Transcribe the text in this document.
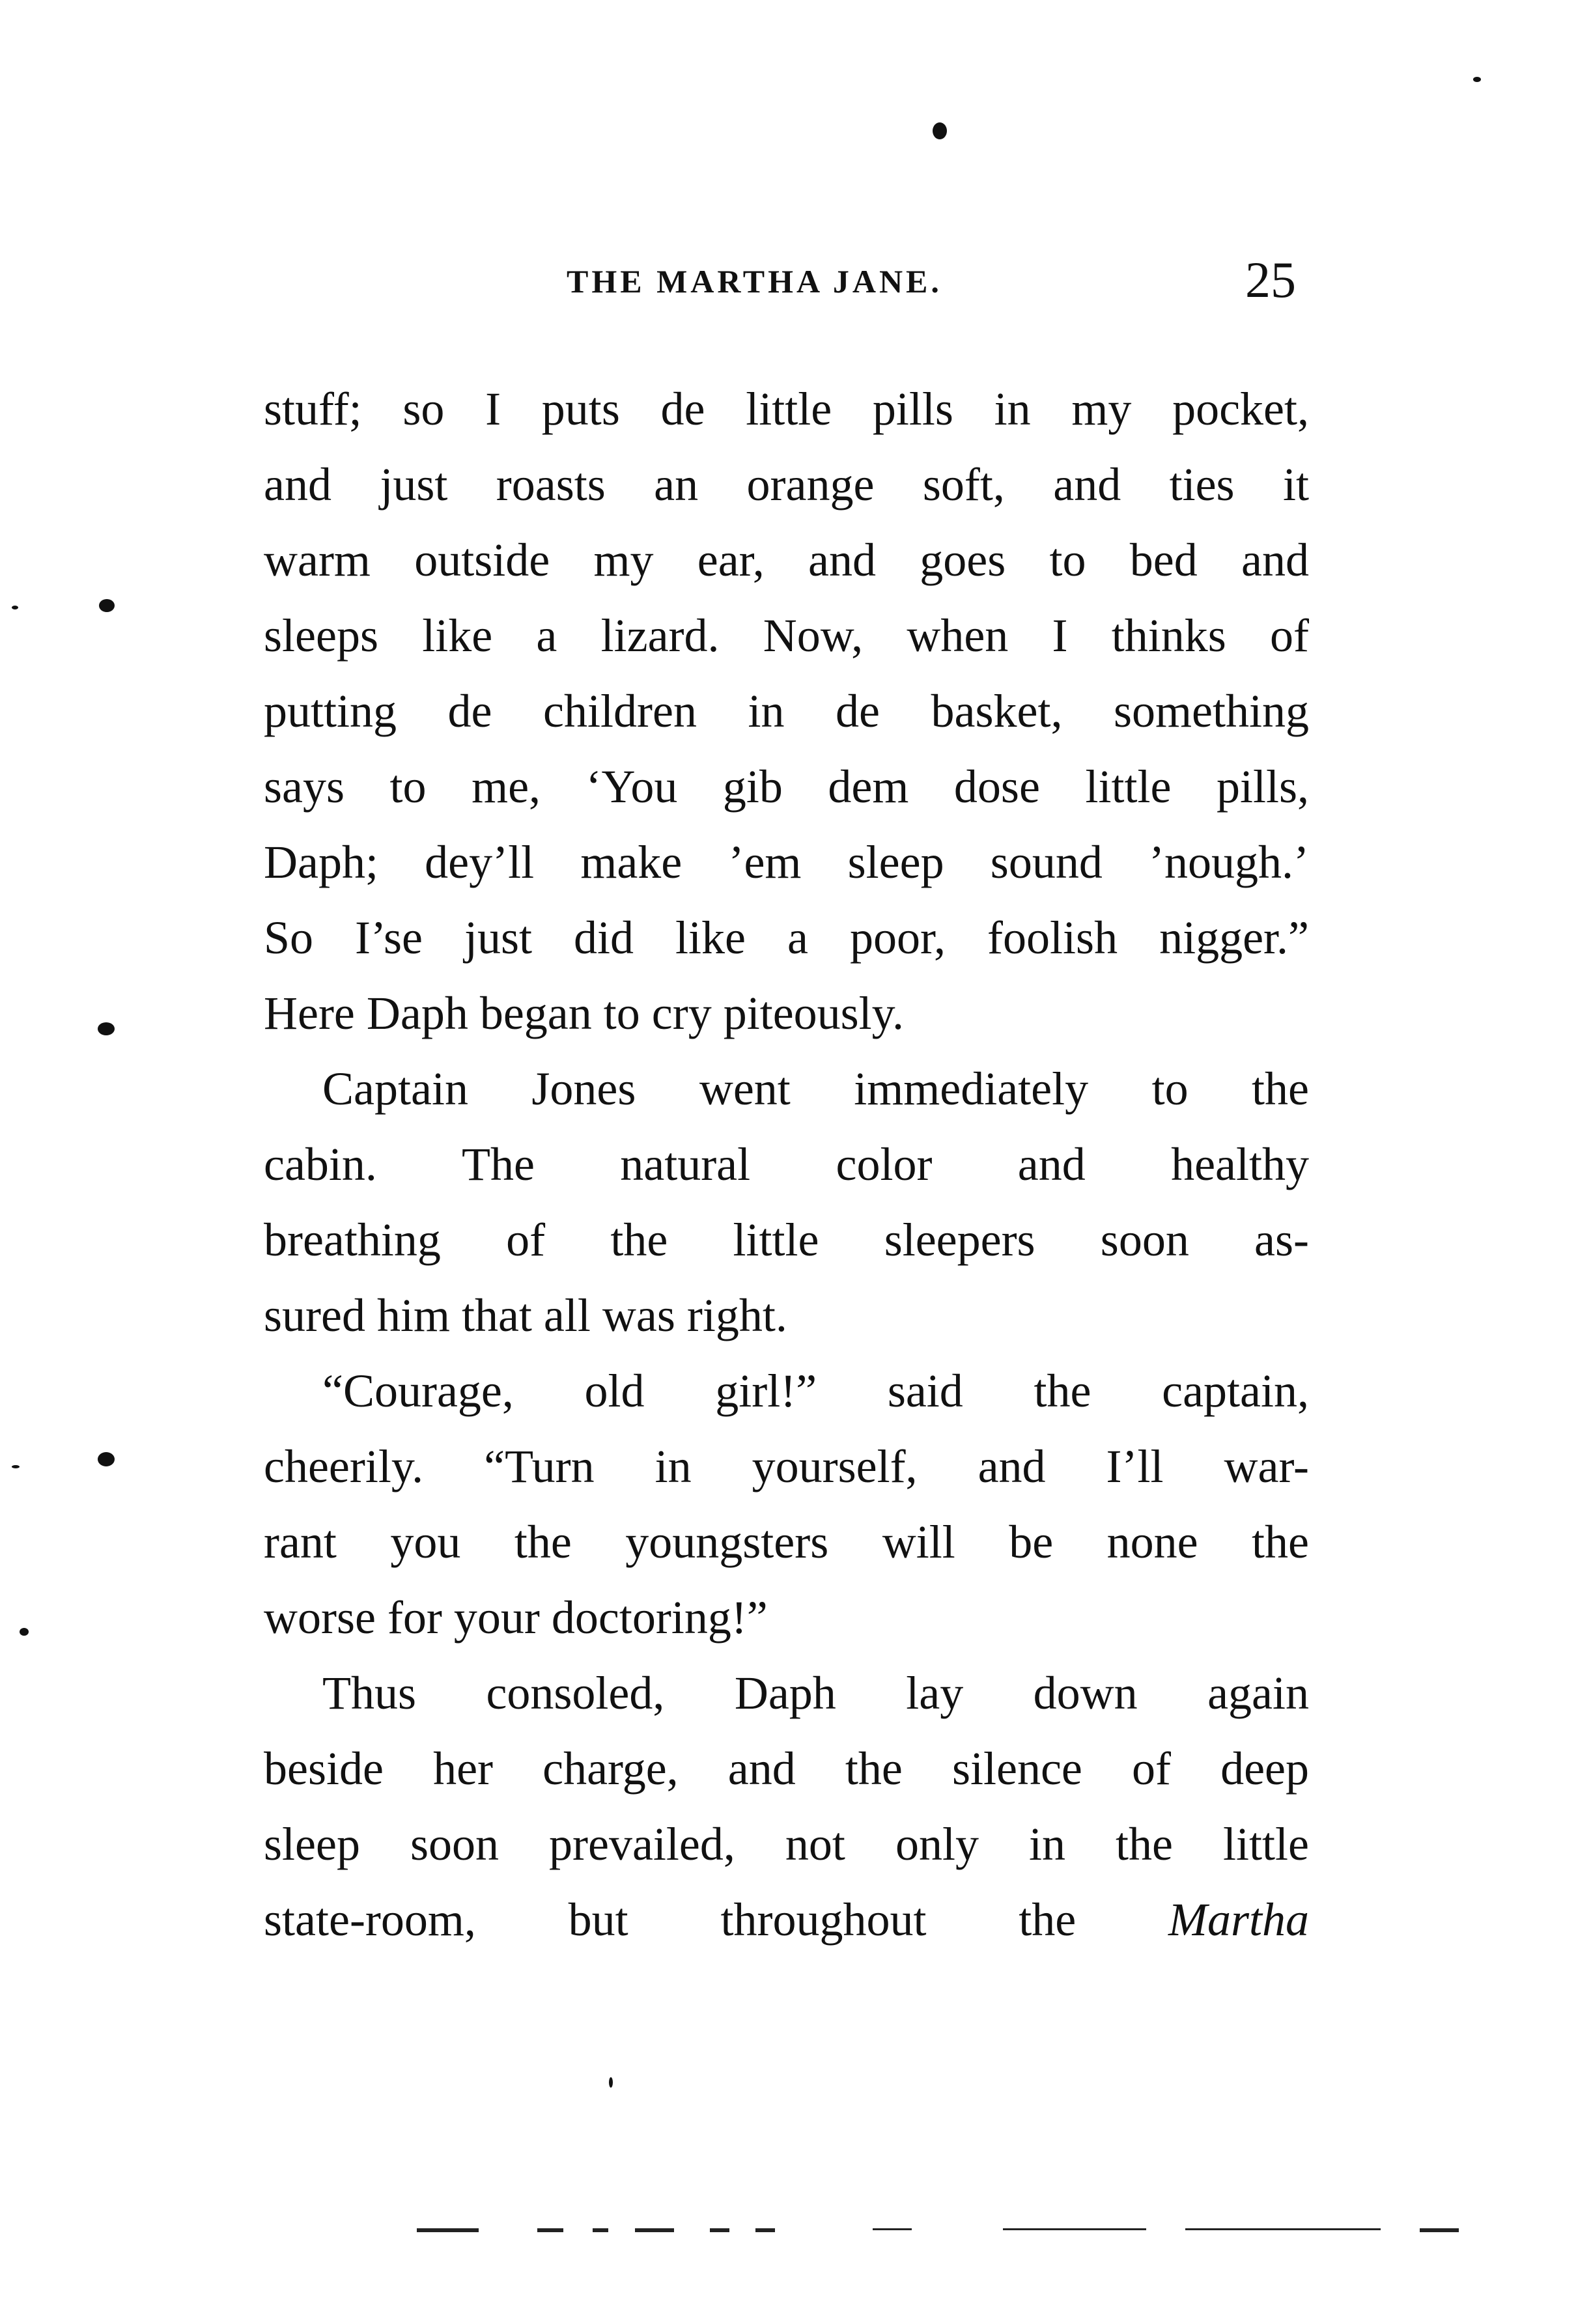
THE MARTHA JANE.	25
stuff; so I puts de little pills in my pocket,
and just roasts an orange soft, and ties it
warm outside my ear, and goes to bed and
sleeps like a lizard. Now, when I thinks of
putting de children in de basket, something
says to me, ‘You gib dem dose little pills,
Daph; dey’ll make ’em sleep sound ’nough.’
So I’se just did like a poor, foolish nigger.”
Here Daph began to cry piteously.
Captain Jones went immediately to the
cabin. The natural color and healthy
breathing of the little sleepers soon as-
sured him that all was right.
“Courage, old girl!” said the captain,
cheerily. “Turn in yourself, and I’ll war-
rant you the youngsters will be none the
worse for your doctoring!”
Thus consoled, Daph lay down again
beside her charge, and the silence of deep
sleep soon prevailed, not only in the little
state-room, but throughout the Martha
